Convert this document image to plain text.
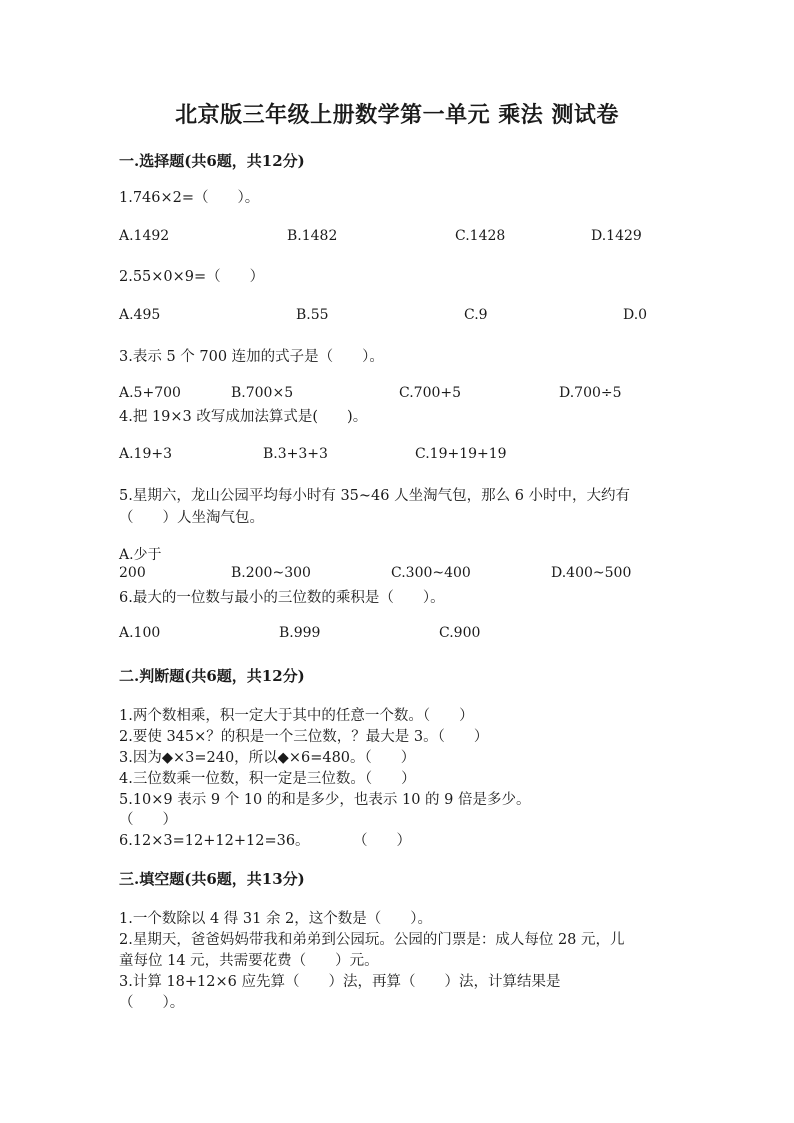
北京版三年级上册数学第一单元 乘法 测试卷
一.选择题(共6题，共12分)
1.746×2=（　　）。
A.1492	B.1482	C.1428	D.1429
2.55×0×9=（　　）
A.495	B.55	C.9	D.0
3.表示 5 个 700 连加的式子是（　　）。
A.5+700	B.700×5	C.700+5	D.700÷5
4.把 19×3 改写成加法算式是(　　)。
A.19+3	B.3+3+3	C.19+19+19
5.星期六，龙山公园平均每小时有 35~46 人坐淘气包，那么 6 小时中，大约有
（　　）人坐淘气包。
A.少于
200	B.200~300	C.300~400	D.400~500
6.最大的一位数与最小的三位数的乘积是（　　）。
A.100	B.999	C.900
二.判断题(共6题，共12分)
1.两个数相乘，积一定大于其中的任意一个数。（　　）
2.要使 345×？的积是一个三位数，？最大是 3。（　　）
3.因为◆×3=240，所以◆×6=480。（　　）
4.三位数乘一位数，积一定是三位数。（　　）
5.10×9 表示 9 个 10 的和是多少，也表示 10 的 9 倍是多少。
（　　）
6.12×3=12+12+12=36。　　　　（　　）
三.填空题(共6题，共13分)
1.一个数除以 4 得 31 余 2，这个数是（　　）。
2.星期天，爸爸妈妈带我和弟弟到公园玩。公园的门票是：成人每位 28 元，儿
童每位 14 元，共需要花费（　　）元。
3.计算 18+12×6 应先算（　　）法，再算（　　）法，计算结果是
（　　）。
